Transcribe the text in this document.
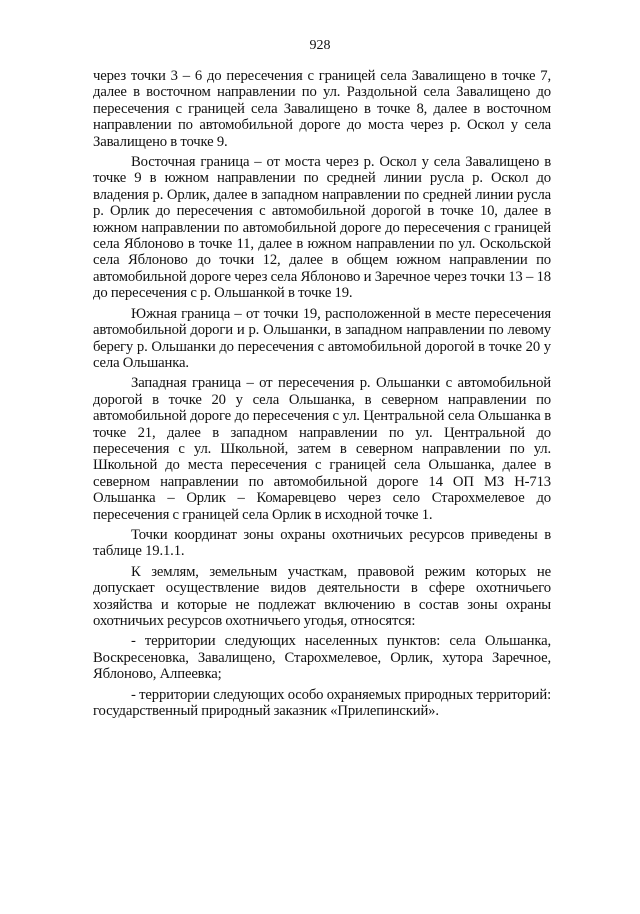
928

через точки 3 – 6 до пересечения с границей села Завалищено в точке 7, далее в восточном направлении по ул. Раздольной села Завалищено до пересечения с границей села Завалищено в точке 8, далее в восточном направлении по автомобильной дороге до моста через р. Оскол у села Завалищено в точке 9.

Восточная граница – от моста через р. Оскол у села Завалищено в точке 9 в южном направлении по средней линии русла р. Оскол до владения р. Орлик, далее в западном направлении по средней линии русла р. Орлик до пересечения с автомобильной дорогой в точке 10, далее в южном направлении по автомобильной дороге до пересечения с границей села Яблоново в точке 11, далее в южном направлении по ул. Оскольской села Яблоново до точки 12, далее в общем южном направлении по автомобильной дороге через села Яблоново и Заречное через точки 13 – 18 до пересечения с р. Ольшанкой в точке 19.

Южная граница – от точки 19, расположенной в месте пересечения автомобильной дороги и р. Ольшанки, в западном направлении по левому берегу р. Ольшанки до пересечения с автомобильной дорогой в точке 20 у села Ольшанка.

Западная граница – от пересечения р. Ольшанки с автомобильной дорогой в точке 20 у села Ольшанка, в северном направлении по автомобильной дороге до пересечения с ул. Центральной села Ольшанка в точке 21, далее в западном направлении по ул. Центральной до пересечения с ул. Школьной, затем в северном направлении по ул. Школьной до места пересечения с границей села Ольшанка, далее в северном направлении по автомобильной дороге 14 ОП МЗ Н-713 Ольшанка – Орлик – Комаревцево через село Старохмелевое до пересечения с границей села Орлик в исходной точке 1.

Точки координат зоны охраны охотничьих ресурсов приведены в таблице 19.1.1.

К землям, земельным участкам, правовой режим которых не допускает осуществление видов деятельности в сфере охотничьего хозяйства и которые не подлежат включению в состав зоны охраны охотничьих ресурсов охотничьего угодья, относятся:

- территории следующих населенных пунктов: села Ольшанка, Воскресеновка, Завалищено, Старохмелевое, Орлик, хутора Заречное, Яблоново, Алпеевка;

- территории следующих особо охраняемых природных территорий: государственный природный заказник «Прилепинский».
